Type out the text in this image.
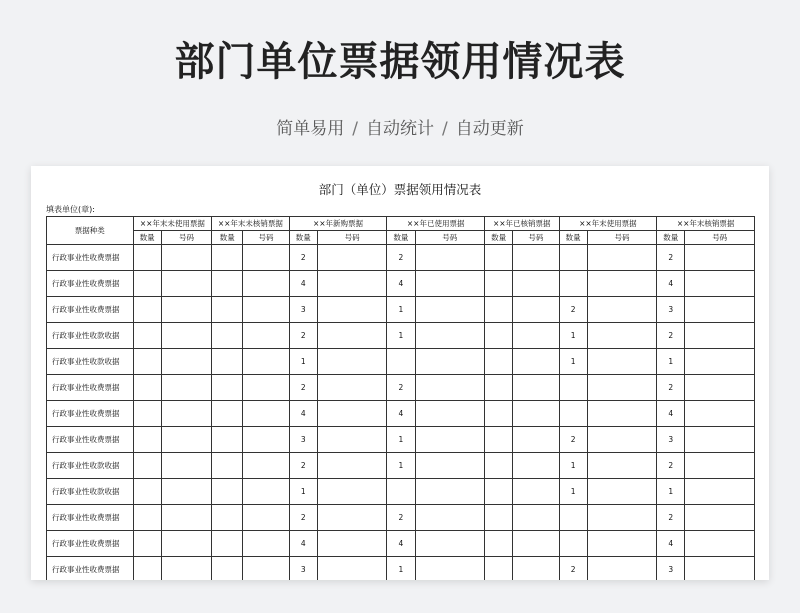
部门单位票据领用情况表
简单易用 / 自动统计 / 自动更新
部门（单位）票据领用情况表
填表单位(章):
票据种类	××年末未使用票据		××年末未核销票据		××年新购票据		××年已使用票据		××年已核销票据		××年末使用票据		××年末核销票据	
	数量	号码	数量	号码	数量	号码	数量	号码	数量	号码	数量	号码	数量	号码
行政事业性收费票据					2		2						2	
行政事业性收费票据					4		4						4	
行政事业性收费票据					3		1				2		3	
行政事业性收款收据					2		1				1		2	
行政事业性收款收据					1						1		1	
行政事业性收费票据					2		2						2	
行政事业性收费票据					4		4						4	
行政事业性收费票据					3		1				2		3	
行政事业性收款收据					2		1				1		2	
行政事业性收款收据					1						1		1	
行政事业性收费票据					2		2						2	
行政事业性收费票据					4		4						4	
行政事业性收费票据					3		1				2		3	
